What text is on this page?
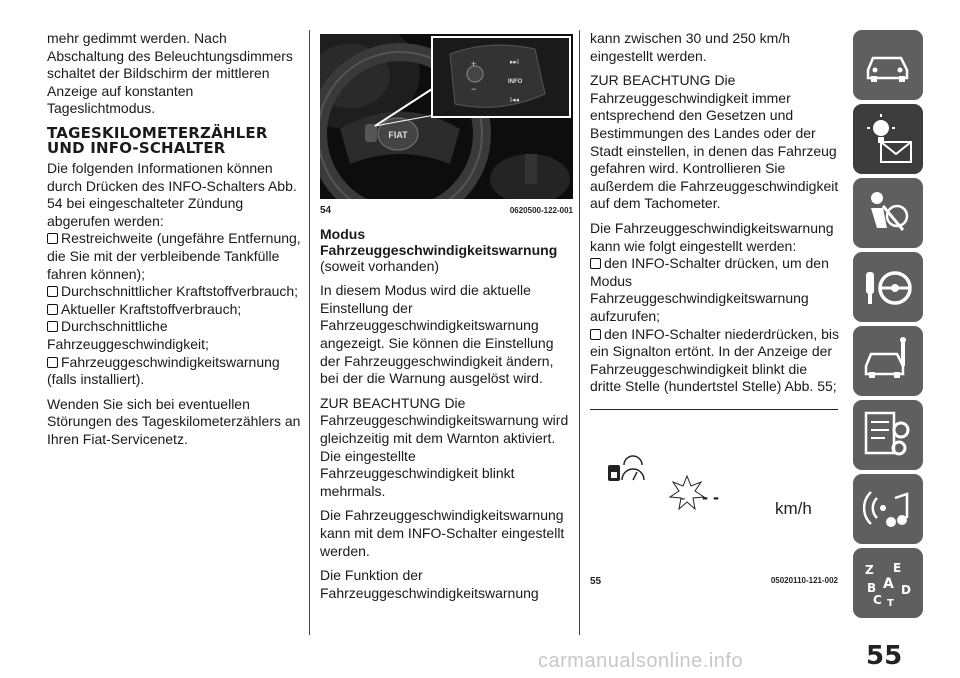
mehr gedimmt werden. Nach Abschaltung des Beleuchtungsdimmers schaltet der Bildschirm der mittleren Anzeige auf konstanten Tageslichtmodus.

TAGESKILOMETERZÄHLER UND INFO-SCHALTER

Die folgenden Informationen können durch Drücken des INFO-Schalters Abb. 54 bei eingeschalteter Zündung abgerufen werden:

Restreichweite (ungefähre Entfernung, die Sie mit der verbleibende Tankfülle fahren können);
Durchschnittlicher Kraftstoffverbrauch;
Aktueller Kraftstoffverbrauch;
Durchschnittliche Fahrzeuggeschwindigkeit;
Fahrzeuggeschwindigkeitswarnung (falls installiert).

Wenden Sie sich bei eventuellen Störungen des Tageskilometerzählers an Ihren Fiat-Servicenetz.

FIAT
+
−
▸▸I
INFO
I◂◂
54	0620500-122-001
Modus Fahrzeuggeschwindigkeitswarnung

(soweit vorhanden)

In diesem Modus wird die aktuelle Einstellung der Fahrzeuggeschwindigkeitswarnung angezeigt. Sie können die Einstellung der Fahrzeuggeschwindigkeit ändern, bei der die Warnung ausgelöst wird.

ZUR BEACHTUNG Die Fahrzeuggeschwindigkeitswarnung wird gleichzeitig mit dem Warnton aktiviert. Die eingestellte Fahrzeuggeschwindigkeit blinkt mehrmals.

Die Fahrzeuggeschwindigkeitswarnung kann mit dem INFO-Schalter eingestellt werden.

Die Funktion der Fahrzeuggeschwindigkeitswarnung

kann zwischen 30 und 250 km/h eingestellt werden.

ZUR BEACHTUNG Die Fahrzeuggeschwindigkeit immer entsprechend den Gesetzen und Bestimmungen des Landes oder der Stadt einstellen, in denen das Fahrzeug gefahren wird. Kontrollieren Sie außerdem die Fahrzeuggeschwindigkeit auf dem Tachometer.

Die Fahrzeuggeschwindigkeitswarnung kann wie folgt eingestellt werden:

den INFO-Schalter drücken, um den Modus Fahrzeuggeschwindigkeitswarnung aufzurufen;
den INFO-Schalter niederdrücken, bis ein Signalton ertönt. In der Anzeige der Fahrzeuggeschwindigkeit blinkt die dritte Stelle (hundertstel Stelle) Abb. 55;
- - -
km/h
55	05020110-121-002
Z E
A
B
C
D
T
55
carmanualsonline.info
